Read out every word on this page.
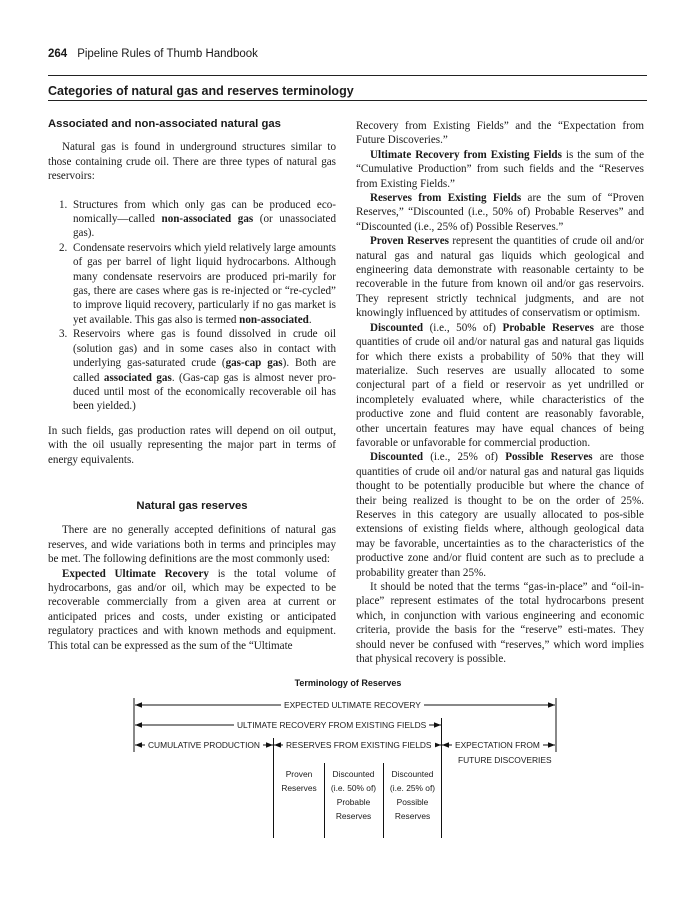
264 Pipeline Rules of Thumb Handbook
Categories of natural gas and reserves terminology
Associated and non-associated natural gas

Natural gas is found in underground structures similar to those containing crude oil. There are three types of natural gas reservoirs:

1. Structures from which only gas can be produced eco-nomically—called non-associated gas (or unassociated gas).
2. Condensate reservoirs which yield relatively large amounts of gas per barrel of light liquid hydrocarbons. Although many condensate reservoirs are produced pri-marily for gas, there are cases where gas is re-injected or “re-cycled” to improve liquid recovery, particularly if no gas market is yet available. This gas also is termed non-associated.
3. Reservoirs where gas is found dissolved in crude oil (solution gas) and in some cases also in contact with underlying gas-saturated crude (gas-cap gas). Both are called associated gas. (Gas-cap gas is almost never pro-duced until most of the economically recoverable oil has been yielded.)

In such fields, gas production rates will depend on oil output, with the oil usually representing the major part in terms of energy equivalents.

Natural gas reserves

There are no generally accepted definitions of natural gas reserves, and wide variations both in terms and principles may be met. The following definitions are the most commonly used:

Expected Ultimate Recovery is the total volume of hydrocarbons, gas and/or oil, which may be expected to be recoverable commercially from a given area at current or anticipated prices and costs, under existing or anticipated regulatory practices and with known methods and equipment. This total can be expressed as the sum of the “Ultimate

Recovery from Existing Fields” and the “Expectation from Future Discoveries.”

Ultimate Recovery from Existing Fields is the sum of the “Cumulative Production” from such fields and the “Reserves from Existing Fields.”

Reserves from Existing Fields are the sum of “Proven Reserves,” “Discounted (i.e., 50% of) Probable Reserves” and “Discounted (i.e., 25% of) Possible Reserves.”

Proven Reserves represent the quantities of crude oil and/or natural gas and natural gas liquids which geological and engineering data demonstrate with reasonable certainty to be recoverable in the future from known oil and/or gas reservoirs. They represent strictly technical judgments, and are not knowingly influenced by attitudes of conservatism or optimism.

Discounted (i.e., 50% of) Probable Reserves are those quantities of crude oil and/or natural gas and natural gas liquids for which there exists a probability of 50% that they will materialize. Such reserves are usually allocated to some conjectural part of a field or reservoir as yet undrilled or incompletely evaluated where, while characteristics of the productive zone and fluid content are reasonably favorable, other uncertain features may have equal chances of being favorable or unfavorable for commercial production.

Discounted (i.e., 25% of) Possible Reserves are those quantities of crude oil and/or natural gas and natural gas liquids thought to be potentially producible but where the chance of their being realized is thought to be on the order of 25%. Reserves in this category are usually allocated to pos-sible extensions of existing fields where, although geological data may be favorable, uncertainties as to the characteristics of the productive zone and/or fluid content are such as to preclude a probability greater than 25%.

It should be noted that the terms “gas-in-place” and “oil-in-place” represent estimates of the total hydrocarbons present which, in conjunction with various engineering and economic criteria, provide the basis for the “reserve” esti-mates. They should never be confused with “reserves,” which word implies that physical recovery is possible.

Terminology of Reserves
EXPECTED ULTIMATE RECOVERY
ULTIMATE RECOVERY FROM EXISTING FIELDS
CUMULATIVE PRODUCTION	RESERVES FROM EXISTING FIELDS	EXPECTATION FROM
FUTURE DISCOVERIES
Proven
Reserves
Discounted
(i.e. 50% of)
Probable
Reserves
Discounted
(i.e. 25% of)
Possible
Reserves
